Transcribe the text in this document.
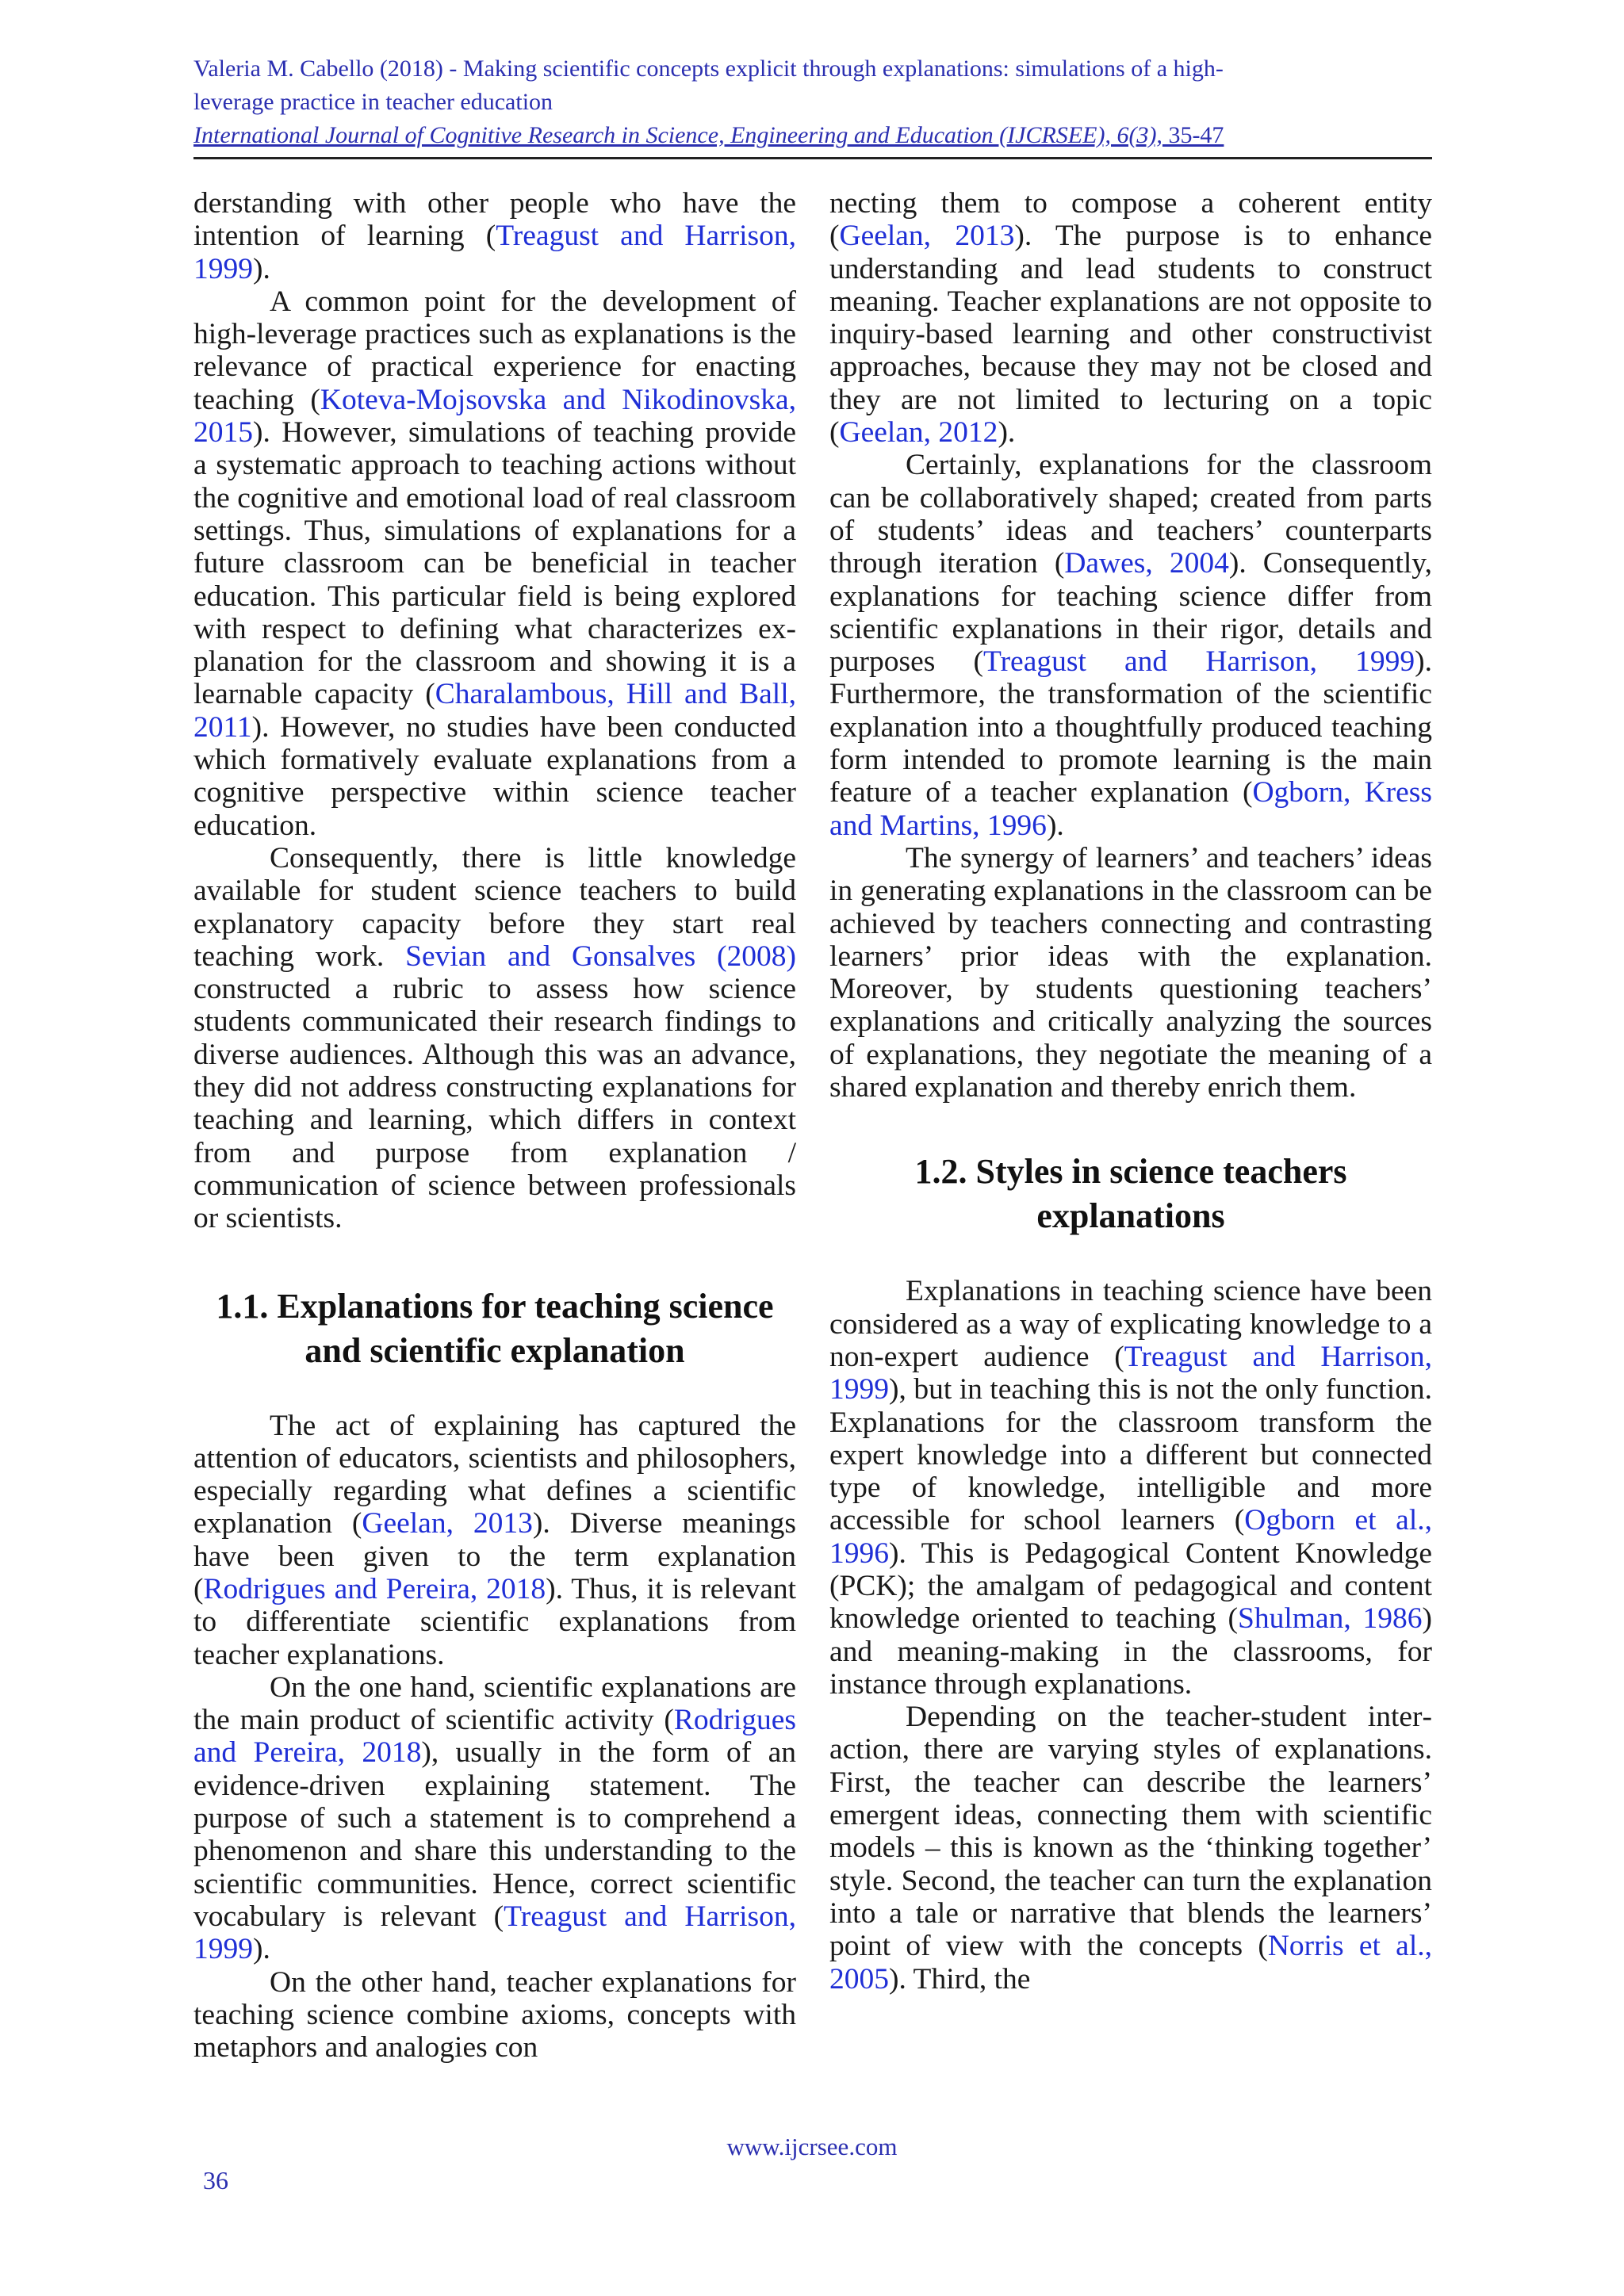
Valeria M. Cabello (2018) - Making scientific concepts explicit through explanations: simulations of a high-
leverage practice in teacher education
International Journal of Cognitive Research in Science, Engineering and Education (IJCRSEE), 6(3), 35-47

derstanding with other people who have the intention of learning (Treagust and Harrison, 1999).

A common point for the development of high-leverage practices such as explanations is the relevance of practical experience for enacting teaching (Koteva-Mojsovska and Nikodinovska, 2015). However, simulations of teaching provide a systematic approach to teaching actions without the cognitive and emotional load of real classroom settings. Thus, simulations of explanations for a future classroom can be beneficial in teacher education. This particular field is being explored with respect to defining what characterizes explanation for the classroom and showing it is a learnable capacity (Charalambous, Hill and Ball, 2011). However, no studies have been conducted which formatively evaluate explanations from a cognitive perspective within science teacher education.

Consequently, there is little knowledge available for student science teachers to build explanatory capacity before they start real teaching work. Sevian and Gonsalves (2008) constructed a rubric to assess how science students communicated their research findings to diverse audiences. Although this was an advance, they did not address constructing explanations for teaching and learning, which differs in context from and purpose from explanation / communication of science between professionals or scientists.

1.1. Explanations for teaching science and scientific explanation

The act of explaining has captured the attention of educators, scientists and philosophers, especially regarding what defines a scientific explanation (Geelan, 2013). Diverse meanings have been given to the term explanation (Rodrigues and Pereira, 2018). Thus, it is relevant to differentiate scientific explanations from teacher explanations.

On the one hand, scientific explanations are the main product of scientific activity (Rodrigues and Pereira, 2018), usually in the form of an evidence-driven explaining statement. The purpose of such a statement is to comprehend a phenomenon and share this understanding to the scientific communities. Hence, correct scientific vocabulary is relevant (Treagust and Harrison, 1999).

On the other hand, teacher explanations for teaching science combine axioms, concepts with metaphors and analogies con

necting them to compose a coherent entity (Geelan, 2013). The purpose is to enhance understanding and lead students to construct meaning. Teacher explanations are not opposite to inquiry-based learning and other constructivist approaches, because they may not be closed and they are not limited to lecturing on a topic (Geelan, 2012).

Certainly, explanations for the classroom can be collaboratively shaped; created from parts of students’ ideas and teachers’ counterparts through iteration (Dawes, 2004). Consequently, explanations for teaching science differ from scientific explanations in their rigor, details and purposes (Treagust and Harrison, 1999). Furthermore, the transformation of the scientific explanation into a thoughtfully produced teaching form intended to promote learning is the main feature of a teacher explanation (Ogborn, Kress and Martins, 1996).

The synergy of learners’ and teachers’ ideas in generating explanations in the classroom can be achieved by teachers connecting and contrasting learners’ prior ideas with the explanation. Moreover, by students questioning teachers’ explanations and critically analyzing the sources of explanations, they negotiate the meaning of a shared explanation and thereby enrich them.

1.2. Styles in science teachers explanations

Explanations in teaching science have been considered as a way of explicating knowledge to a non-expert audience (Treagust and Harrison, 1999), but in teaching this is not the only function. Explanations for the classroom transform the expert knowledge into a different but connected type of knowledge, intelligible and more accessible for school learners (Ogborn et al., 1996). This is Pedagogical Content Knowledge (PCK); the amalgam of pedagogical and content knowledge oriented to teaching (Shulman, 1986) and meaning-making in the classrooms, for instance through explanations.

Depending on the teacher-student interaction, there are varying styles of explanations. First, the teacher can describe the learners’ emergent ideas, connecting them with scientific models – this is known as the ‘thinking together’ style. Second, the teacher can turn the explanation into a tale or narrative that blends the learners’ point of view with the concepts (Norris et al., 2005). Third, the

www.ijcrsee.com
36
